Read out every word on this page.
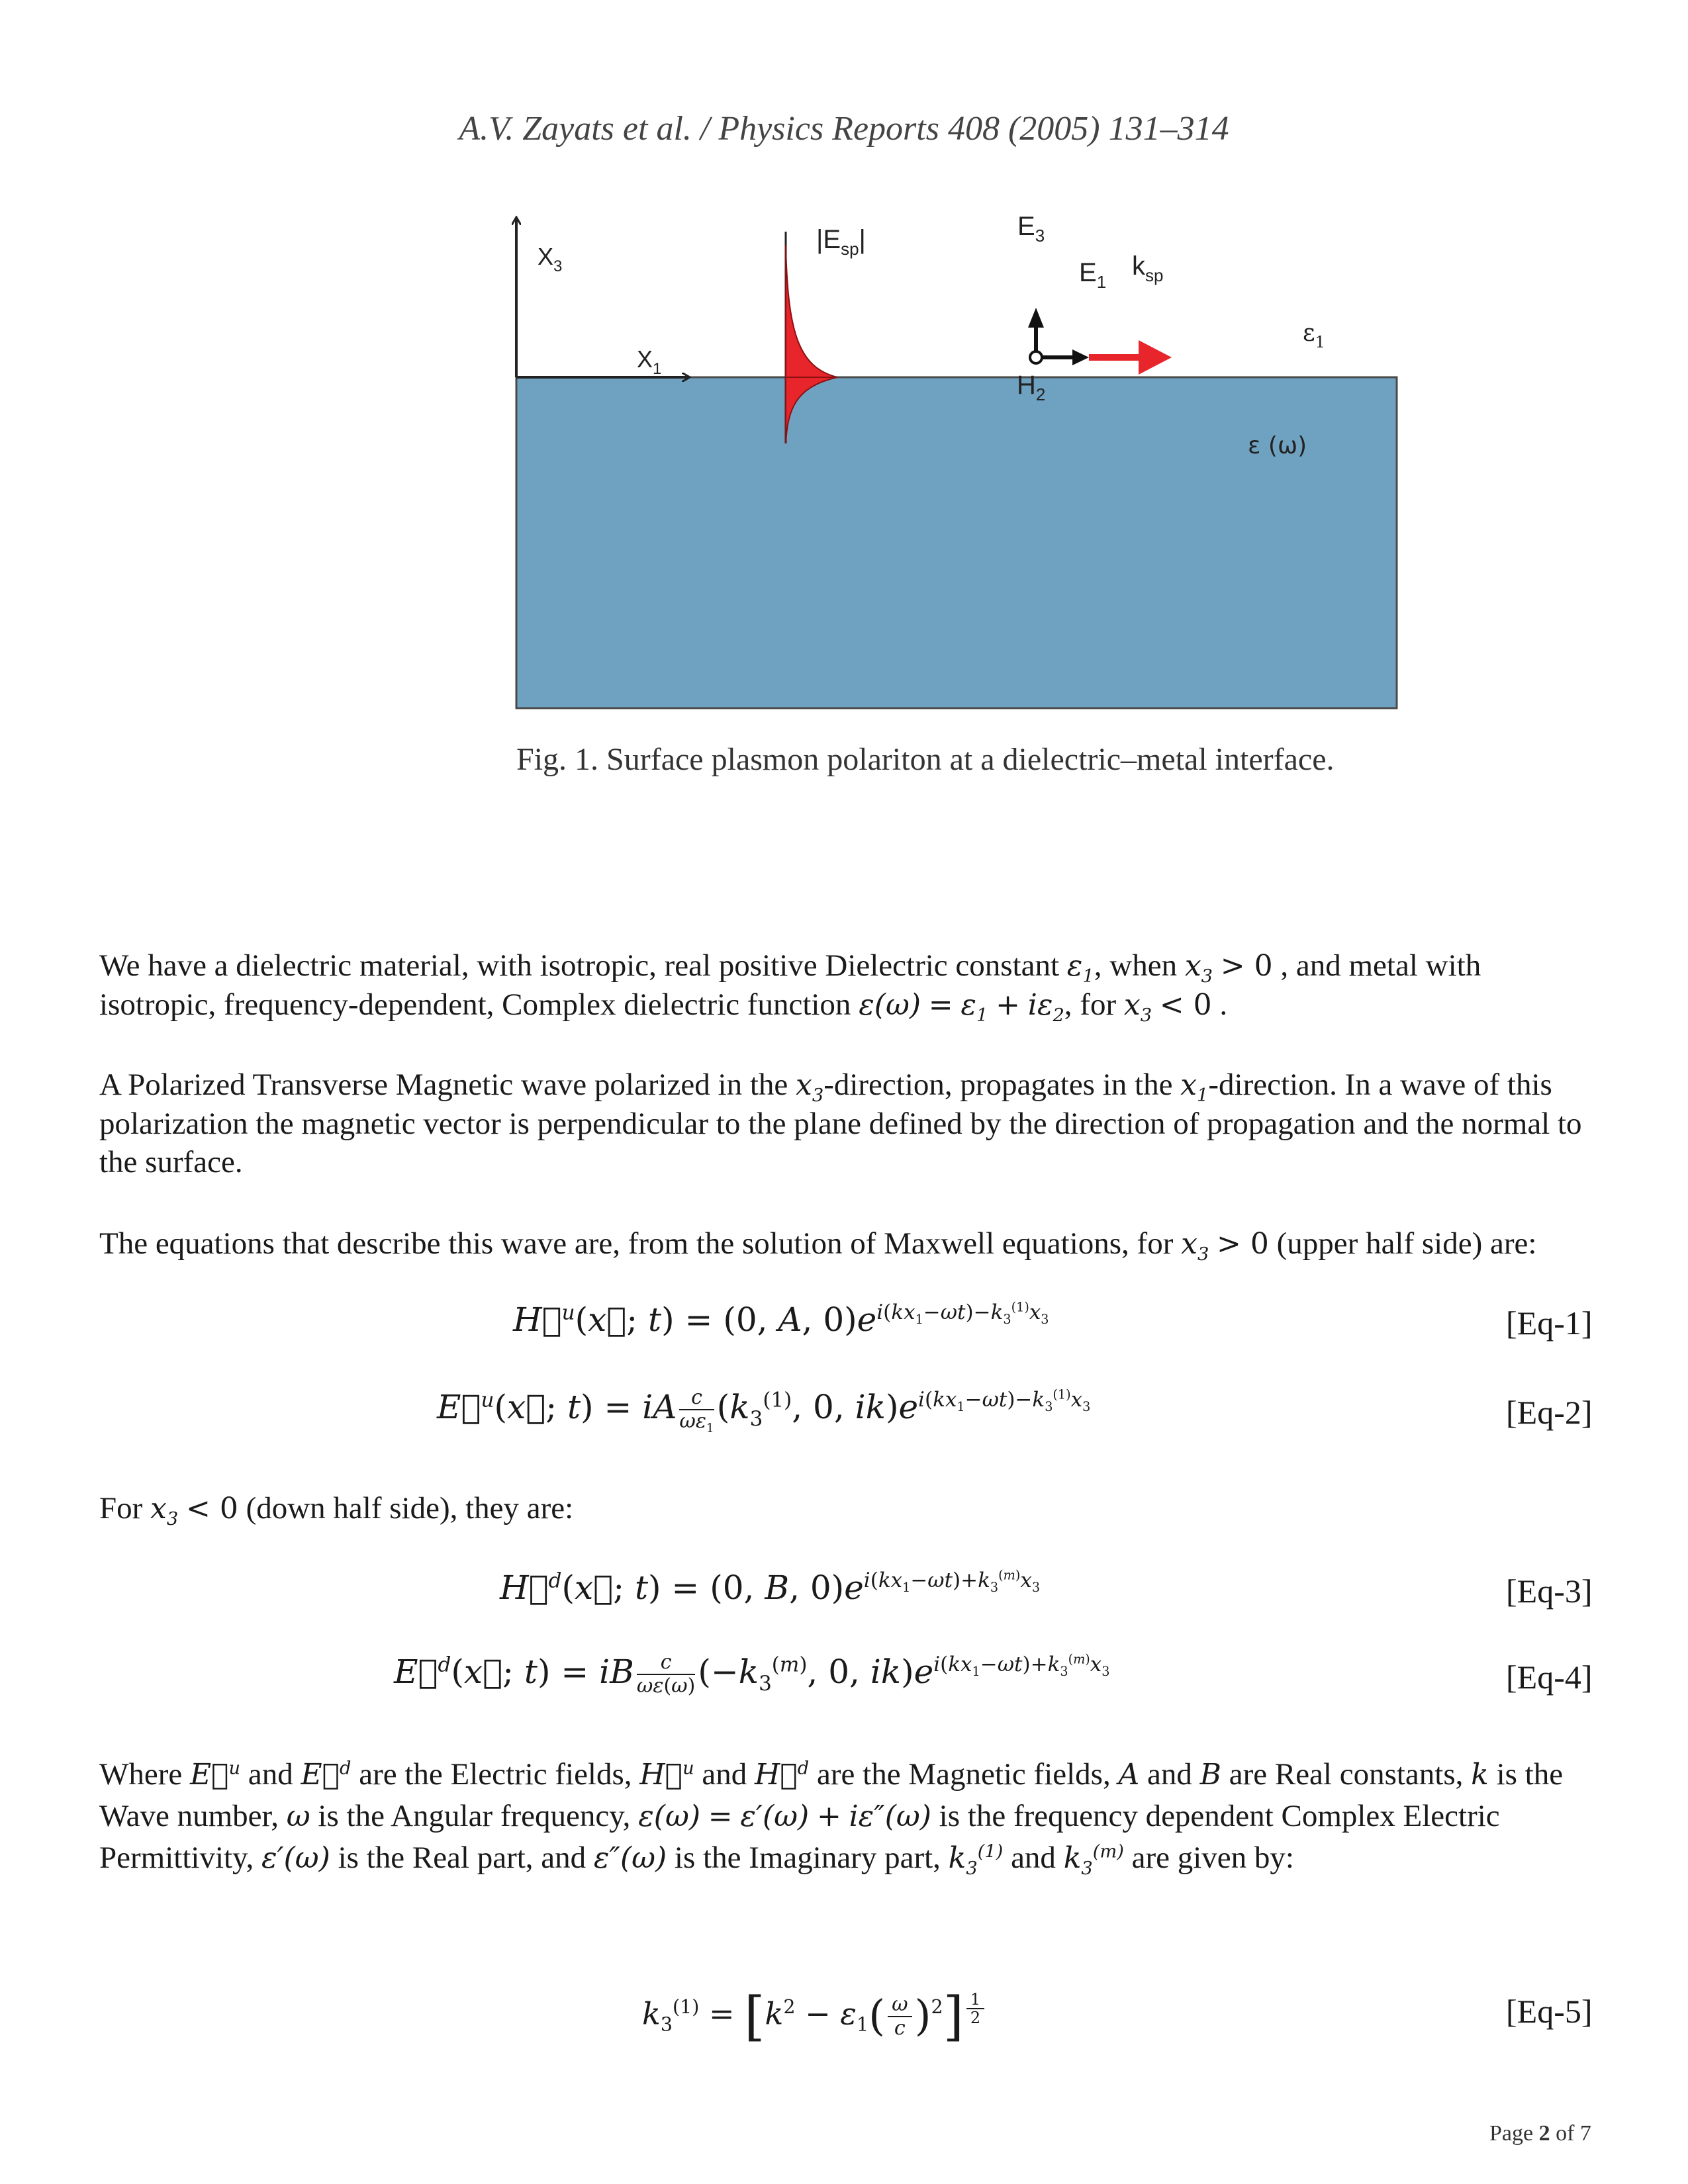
A.V. Zayats et al. / Physics Reports 408 (2005) 131–314
$X_3$
$X_1$
$|E_{sp}|$	$E_3$
$E_1$
$k_{sp}$
$H_2$
$\varepsilon_1$
ε (ω)
Fig. 1. Surface plasmon polariton at a dielectric–metal interface.
We have a dielectric material, with isotropic, real positive Dielectric constant $\varepsilon_1$, when $x_3 > 0$ , and metal with isotropic, frequency-dependent, Complex dielectric function $\varepsilon(\omega) = \varepsilon_1 + i\varepsilon_2$, for $x_3 < 0$ .
A Polarized Transverse Magnetic wave polarized in the $x_3$-direction, propagates in the $x_1$-direction. In a wave of this polarization the magnetic vector is perpendicular to the plane defined by the direction of propagation and the normal to the surface.
The equations that describe this wave are, from the solution of Maxwell equations, for $x_3 > 0$ (upper half side) are:
H⃗$^u$(x⃗; t) = (0, A, $0)e^{i(kx_1-\omega t)-k_3^{(1)}x_3}$	[Eq-1]
E⃗$^u$(x⃗; t) = iA $\frac{c}{\omega\varepsilon_1} (k_3^{(1)}$, 0, $ik)e^{i(kx_1-\omega t)-k_3^{(1)}x_3}$	[Eq-2]
For $x_3 < 0$ (down half side), they are:
H⃗$^d$(x⃗; t) = (0, B, $0)e^{i(kx_1-\omega t)+k_3^{(m)}x_3}$	[Eq-3]
E⃗$^d$(x⃗; t) = iB $\frac{c}{\omega\varepsilon(\omega)} (-k_3^{(m)}$, 0, $ik)e^{i(kx_1-\omega t)+k_3^{(m)}x_3}$	[Eq-4]
Where E⃗$^u$ and E⃗$^d$ are the Electric fields, H⃗$^u$ and H⃗$^d$ are the Magnetic fields, A and B are Real constants, k is the Wave number, ω is the Angular frequency, ε(ω) = ε′(ω) + iε″(ω) is the frequency dependent Complex Electric Permittivity, ε′(ω) is the Real part, and ε″(ω) is the Imaginary part, $k_3^{(1)}$ and $k_3^{(m)}$ are given by:
$k_3^{(1)} = [k^2 - \varepsilon_1( \frac{\omega}{c} )^2]$ $^{\frac{1}{2}}$	[Eq-5]
Page 2 of 7
